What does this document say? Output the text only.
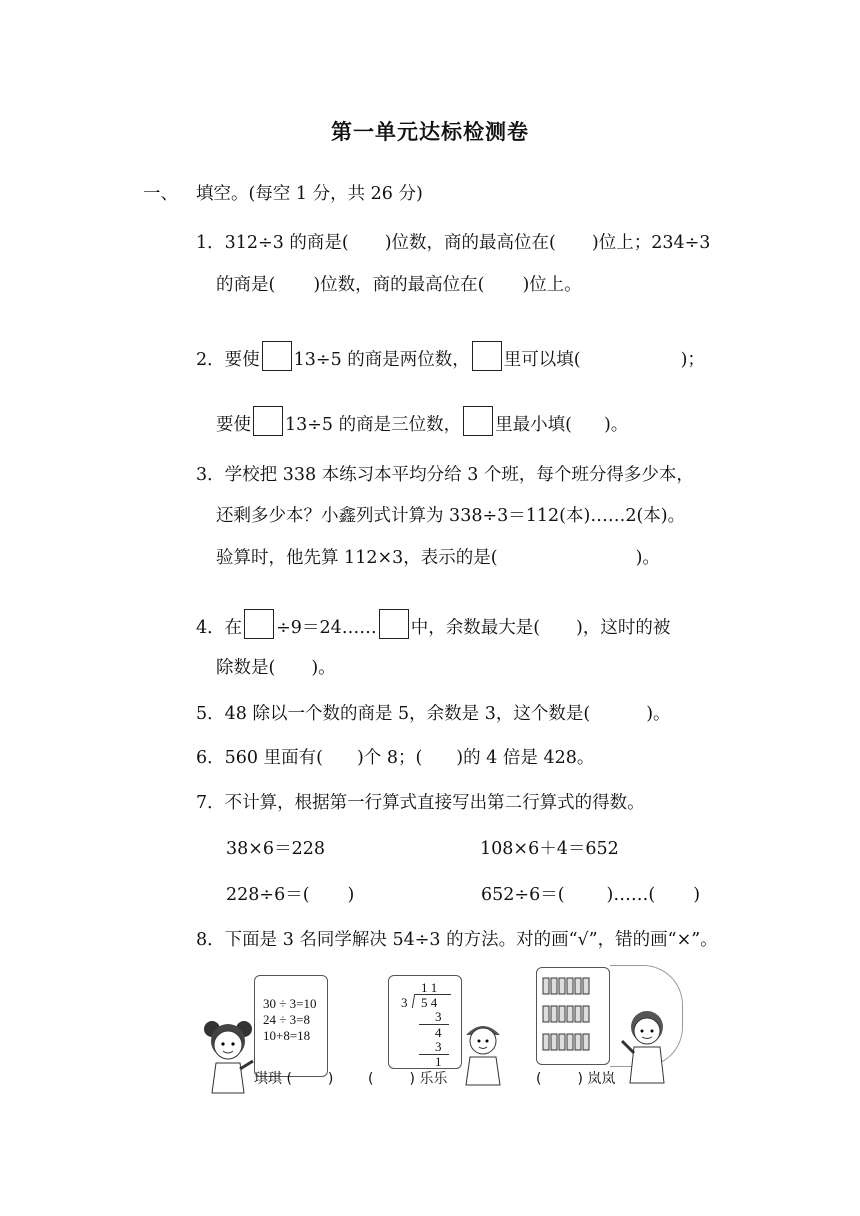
第一单元达标检测卷
一、 填空。(每空 1 分，共 26 分)
1．312÷3 的商是( )位数，商的最高位在( )位上；234÷3
的商是( )位数，商的最高位在( )位上。
2．要使 13÷5 的商是两位数， 里可以填(	)；
要使 13÷5 的商是三位数， 里最小填( )。
3．学校把 338 本练习本平均分给 3 个班，每个班分得多少本，
还剩多少本？小鑫列式计算为 338÷3＝112(本)……2(本)。
验算时，他先算 112×3，表示的是(	)。
4．在 ÷9＝24…… 中，余数最大是( )，这时的被
除数是( )。
5．48 除以一个数的商是 5，余数是 3，这个数是(	)。
6．560 里面有( )个 8；( )的 4 倍是 428。
7．不计算，根据第一行算式直接写出第二行算式的得数。
38×6＝228	108×6＋4＝652
228÷6＝( )	652÷6＝( )……( )
8．下面是 3 名同学解决 54÷3 的方法。对的画“√”，错的画“×”。
30 ÷ 3=10
24 ÷ 3=8
10+8=18
1 1
3 5 4
3
4
3
1
琪琪 (	) (	) 乐乐	(	) 岚岚
